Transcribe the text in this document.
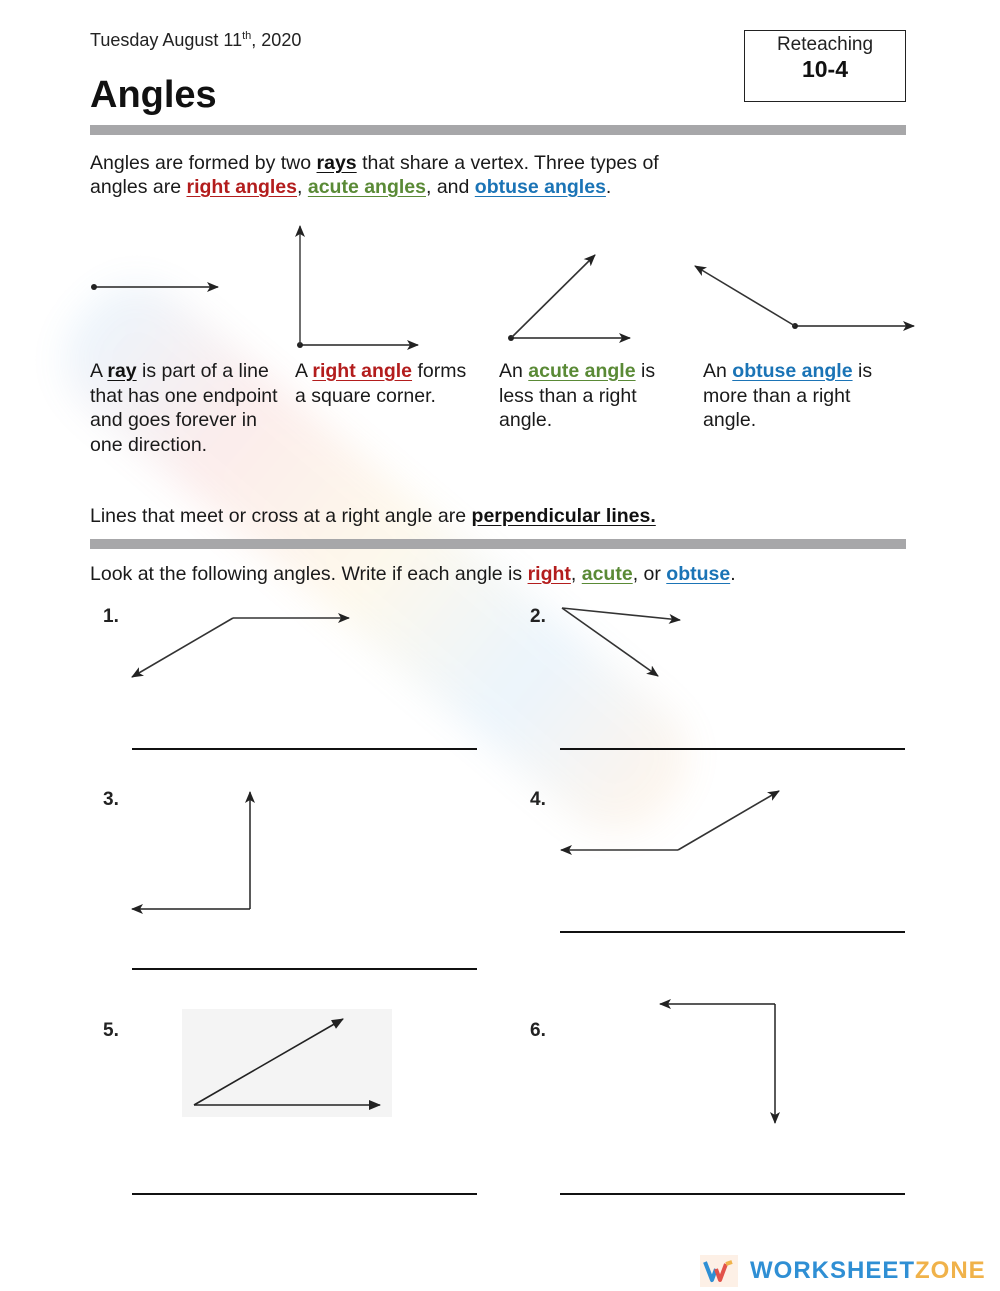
Tuesday August 11th, 2020
Angles
Reteaching
10-4
Angles are formed by two rays that share a vertex. Three types of
angles are right angles, acute angles, and obtuse angles.
A ray is part of a line that has one endpoint and goes forever in one direction.
A right angle forms a square corner.
An acute angle is less than a right angle.
An obtuse angle is more than a right angle.
Lines that meet or cross at a right angle are perpendicular lines.
Look at the following angles. Write if each angle is right, acute, or obtuse.
1.	2.
3.	4.
5.	6.
WORKSHEET ZONE
